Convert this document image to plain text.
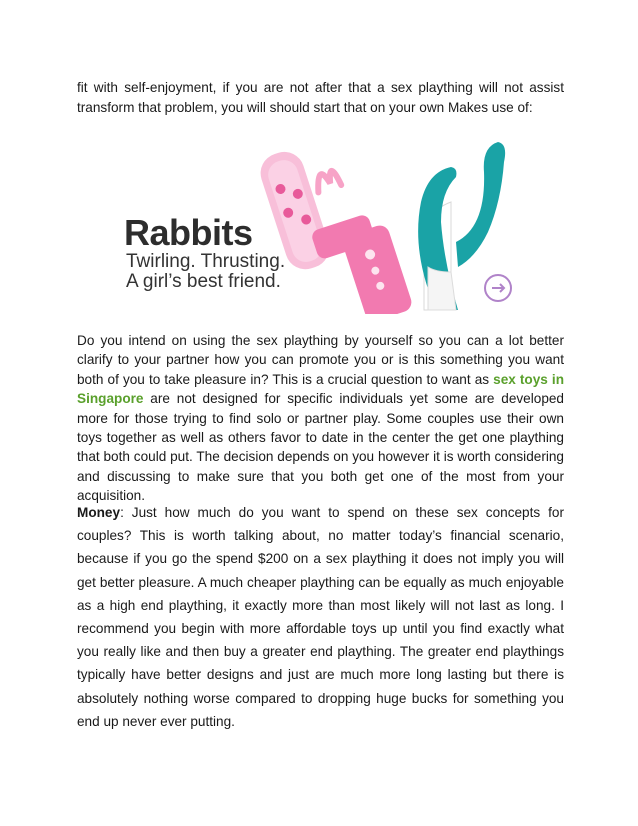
fit with self-enjoyment, if you are not after that a sex plaything will not assist transform that problem, you will should start that on your own Makes use of:

Rabbits
Twirling. Thrusting.
A girl’s best friend.

Do you intend on using the sex plaything by yourself so you can a lot better clarify to your partner how you can promote you or is this something you want both of you to take pleasure in? This is a crucial question to want as sex toys in Singapore are not designed for specific individuals yet some are developed more for those trying to find solo or partner play. Some couples use their own toys together as well as others favor to date in the center the get one plaything that both could put. The decision depends on you however it is worth considering and discussing to make sure that you both get one of the most from your acquisition.

Money: Just how much do you want to spend on these sex concepts for couples? This is worth talking about, no matter today’s financial scenario, because if you go the spend $200 on a sex plaything it does not imply you will get better pleasure. A much cheaper plaything can be equally as much enjoyable as a high end plaything, it exactly more than most likely will not last as long. I recommend you begin with more affordable toys up until you find exactly what you really like and then buy a greater end plaything. The greater end playthings typically have better designs and just are much more long lasting but there is absolutely nothing worse compared to dropping huge bucks for something you end up never ever putting.
